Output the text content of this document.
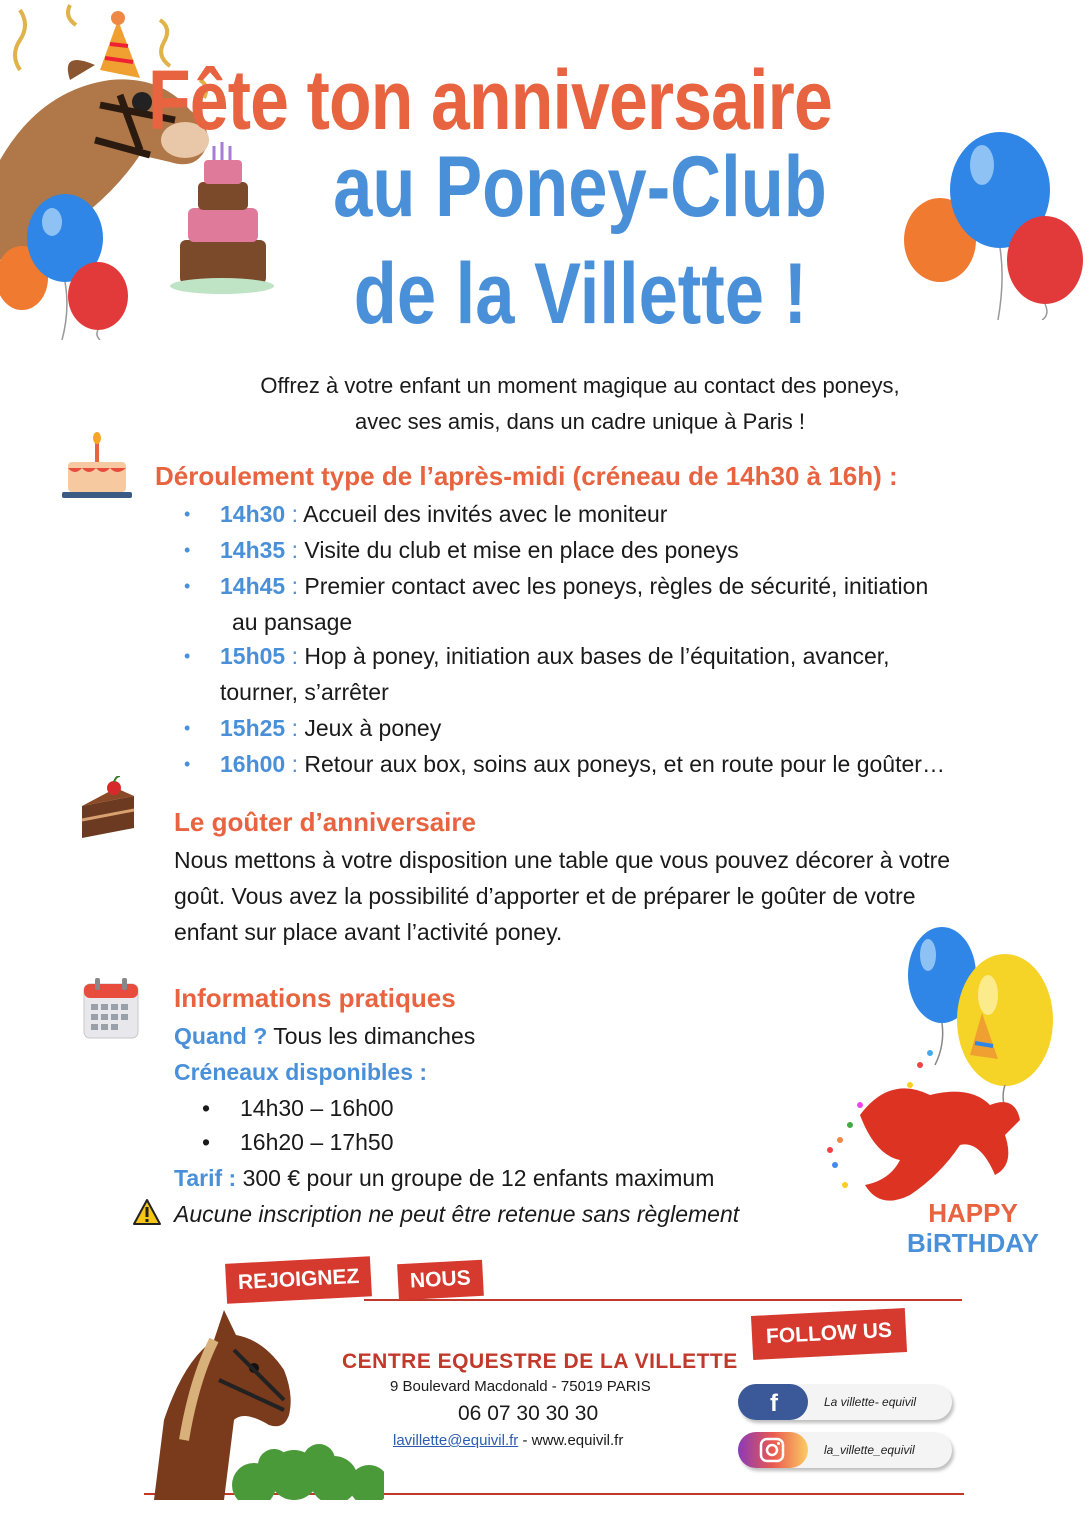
Fête ton anniversaire
au Poney-Club
de la Villette !
Offrez à votre enfant un moment magique au contact des poneys,
avec ses amis, dans un cadre unique à Paris !
Déroulement type de l’après-midi (créneau de 14h30 à 16h) :
• 14h30 : Accueil des invités avec le moniteur
• 14h35 : Visite du club et mise en place des poneys
• 14h45 : Premier contact avec les poneys, règles de sécurité, initiation
au pansage
• 15h05 : Hop à poney, initiation aux bases de l’équitation, avancer,
tourner, s’arrêter
• 15h25 : Jeux à poney
• 16h00 : Retour aux box, soins aux poneys, et en route pour le goûter…
Le goûter d’anniversaire
Nous mettons à votre disposition une table que vous pouvez décorer à votre
goût. Vous avez la possibilité d’apporter et de préparer le goûter de votre
enfant sur place avant l’activité poney.
Informations pratiques
Quand ? Tous les dimanches
Créneaux disponibles :
• 14h30 – 16h00
• 16h20 – 17h50
Tarif : 300 € pour un groupe de 12 enfants maximum
Aucune inscription ne peut être retenue sans règlement	HAPPY
BiRTHDAY
REJOIGNEZ NOUS
CENTRE EQUESTRE DE LA VILLETTE
9 Boulevard Macdonald - 75019 PARIS
06 07 30 30 30
lavillette@equivil.fr - www.equivil.fr
FOLLOW US
f	La villette- equivil
la_villette_equivil
